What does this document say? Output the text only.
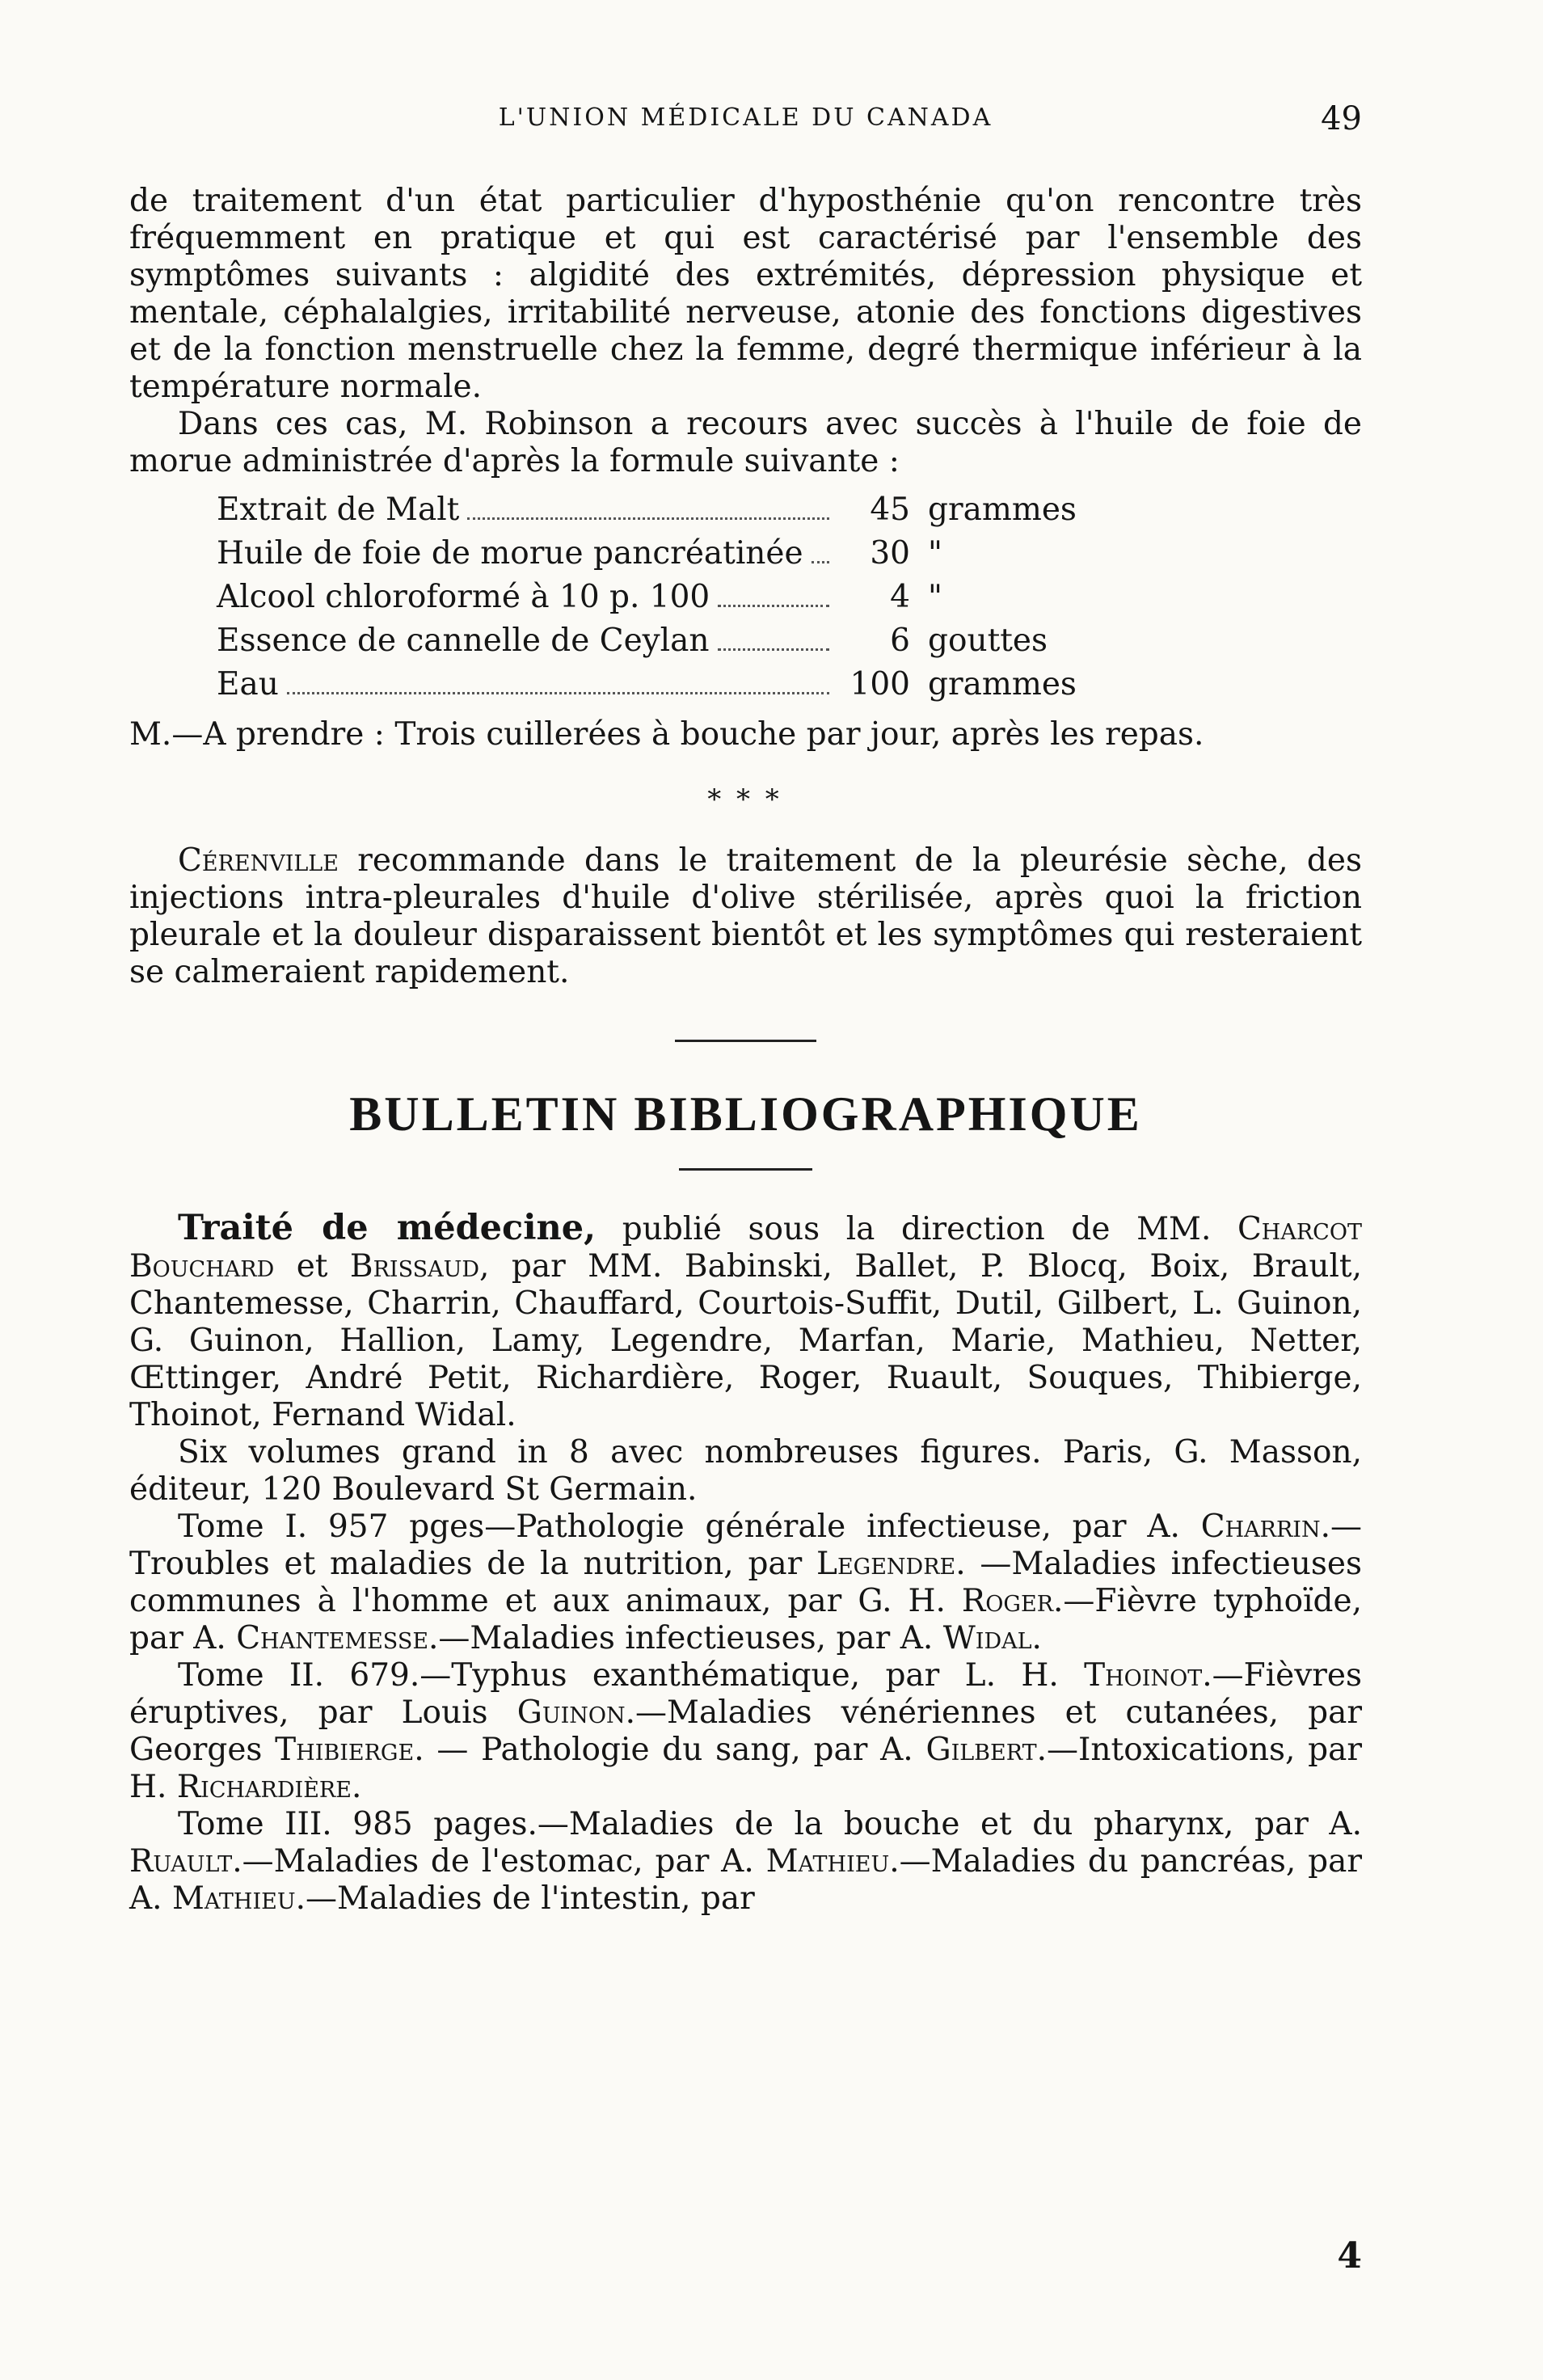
L'UNION MÉDICALE DU CANADA	49

de traitement d'un état particulier d'hyposthénie qu'on rencontre très fréquemment en pratique et qui est caractérisé par l'ensemble des symptômes suivants : algidité des extrémités, dépression physique et mentale, céphalalgies, irritabilité nerveuse, atonie des fonctions digestives et de la fonction menstruelle chez la femme, degré thermique inférieur à la température normale.

Dans ces cas, M. Robinson a recours avec succès à l'huile de foie de morue administrée d'après la formule suivante :

Extrait de Malt	45 grammes
Huile de foie de morue pancréatinée	30 "
Alcool chloroformé à 10 p. 100	4 "
Essence de cannelle de Ceylan	6 gouttes
Eau	100 grammes

M.—A prendre : Trois cuillerées à bouche par jour, après les repas.

* * *

Cérenville recommande dans le traitement de la pleurésie sèche, des injections intra-pleurales d'huile d'olive stérilisée, après quoi la friction pleurale et la douleur disparaissent bientôt et les symptômes qui resteraient se calmeraient rapidement.

BULLETIN BIBLIOGRAPHIQUE

Traité de médecine, publié sous la direction de MM. Charcot Bouchard et Brissaud, par MM. Babinski, Ballet, P. Blocq, Boix, Brault, Chantemesse, Charrin, Chauffard, Courtois-Suffit, Dutil, Gilbert, L. Guinon, G. Guinon, Hallion, Lamy, Legendre, Marfan, Marie, Mathieu, Netter, Œttinger, André Petit, Richardière, Roger, Ruault, Souques, Thibierge, Thoinot, Fernand Widal.

Six volumes grand in 8 avec nombreuses figures. Paris, G. Masson, éditeur, 120 Boulevard St Germain.

Tome I. 957 pges—Pathologie générale infectieuse, par A. Charrin.—Troubles et maladies de la nutrition, par Legendre. —Maladies infectieuses communes à l'homme et aux animaux, par G. H. Roger.—Fièvre typhoïde, par A. Chantemesse.—Maladies infectieuses, par A. Widal.

Tome II. 679.—Typhus exanthématique, par L. H. Thoinot.—Fièvres éruptives, par Louis Guinon.—Maladies vénériennes et cutanées, par Georges Thibierge. — Pathologie du sang, par A. Gilbert.—Intoxications, par H. Richardière.

Tome III. 985 pages.—Maladies de la bouche et du pharynx, par A. Ruault.—Maladies de l'estomac, par A. Mathieu.—Maladies du pancréas, par A. Mathieu.—Maladies de l'intestin, par

4
